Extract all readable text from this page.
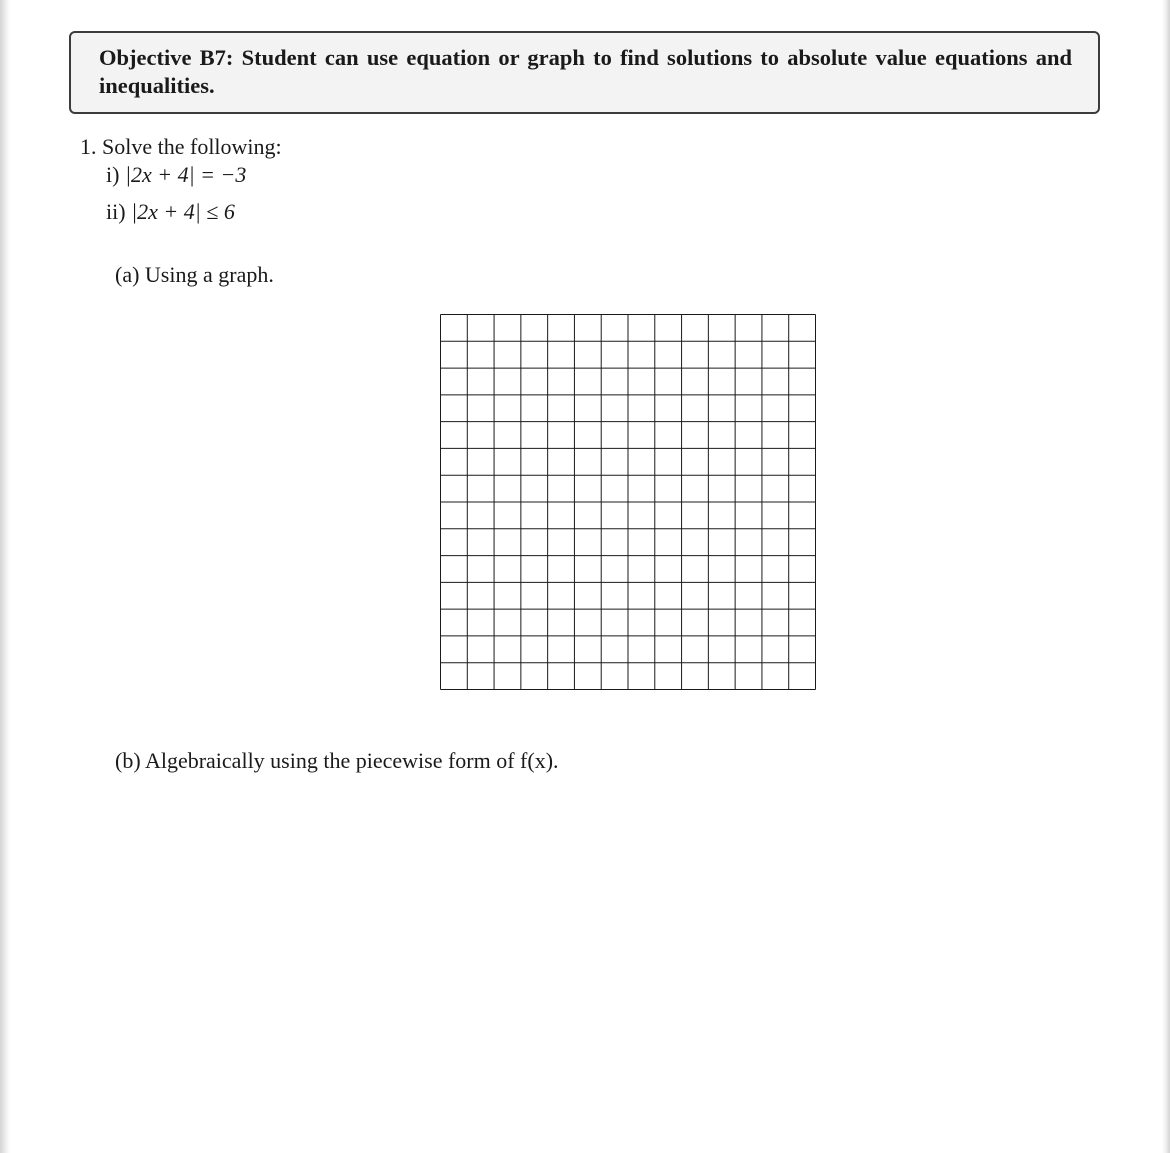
Objective B7: Student can use equation or graph to find solutions to absolute value equations and inequalities.

1. Solve the following:

i) |2x + 4| = −3

ii) |2x + 4| ≤ 6

(a) Using a graph.

(b) Algebraically using the piecewise form of f(x).
